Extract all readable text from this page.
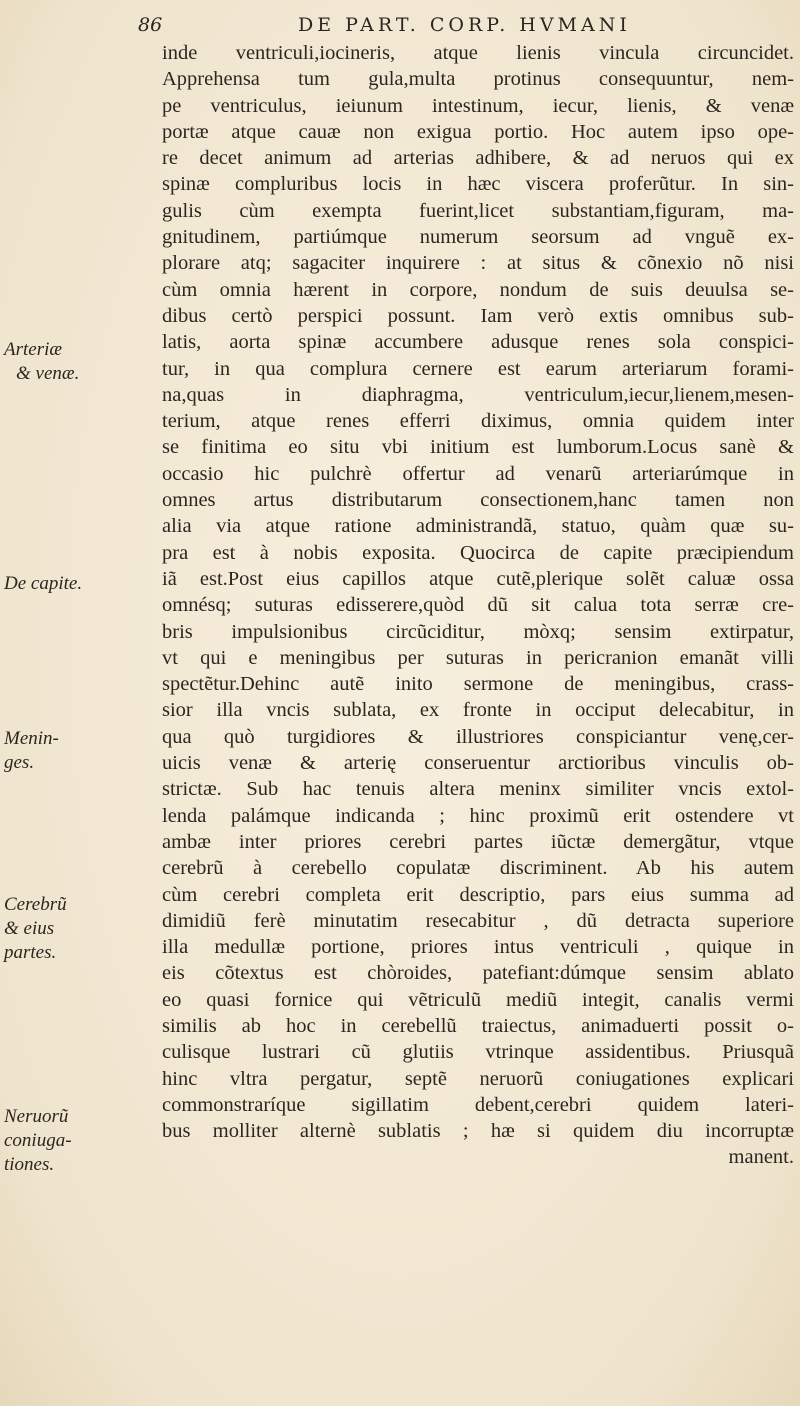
86	DE PART. CORP. HVMANI
Arteriæ
& venæ.
De capite.
Menin-
ges.
Cerebrũ
& eius
partes.
Neruorũ
coniuga-
tiones.
inde ventriculi,iocineris, atque lienis vincula circuncidet.
Apprehensa tum gula,multa protinus consequuntur, nem-
pe ventriculus, ieiunum intestinum, iecur, lienis, & venæ
portæ atque cauæ non exigua portio. Hoc autem ipso ope-
re decet animum ad arterias adhibere, & ad neruos qui ex
spinæ compluribus locis in hæc viscera proferũtur. In sin-
gulis cùm exempta fuerint,licet substantiam,figuram, ma-
gnitudinem, partiúmque numerum seorsum ad vnguẽ ex-
plorare atq; sagaciter inquirere : at situs & cõnexio nõ nisi
cùm omnia hærent in corpore, nondum de suis deuulsa se-
dibus certò perspici possunt. Iam verò extis omnibus sub-
latis, aorta spinæ accumbere adusque renes sola conspici-
tur, in qua complura cernere est earum arteriarum forami-
na,quas in diaphragma, ventriculum,iecur,lienem,mesen-
terium, atque renes efferri diximus, omnia quidem inter
se finitima eo situ vbi initium est lumborum.Locus sanè &
occasio hic pulchrè offertur ad venarũ arteriarúmque in
omnes artus distributarum consectionem,hanc tamen non
alia via atque ratione administrandã, statuo, quàm quæ su-
pra est à nobis exposita. Quocirca de capite præcipiendum
iã est.Post eius capillos atque cutẽ,plerique solẽt caluæ ossa
omnésq; suturas edisserere,quòd dũ sit calua tota serræ cre-
bris impulsionibus circũciditur, mòxq; sensim extirpatur,
vt qui e meningibus per suturas in pericranion emanãt villi
spectẽtur.Dehinc autẽ inito sermone de meningibus, crass-
sior illa vncis sublata, ex fronte in occiput delecabitur, in
qua quò turgidiores & illustriores conspiciantur venę,cer-
uicis venæ & arterię conseruentur arctioribus vinculis ob-
strictæ. Sub hac tenuis altera meninx similiter vncis extol-
lenda palámque indicanda ; hinc proximũ erit ostendere vt
ambæ inter priores cerebri partes iũctæ demergãtur, vtque
cerebrũ à cerebello copulatæ discriminent. Ab his autem
cùm cerebri completa erit descriptio, pars eius summa ad
dimidiũ ferè minutatim resecabitur , dũ detracta superiore
illa medullæ portione, priores intus ventriculi , quique in
eis cõtextus est chòroides, patefiant:dúmque sensim ablato
eo quasi fornice qui vẽtriculũ mediũ integit, canalis vermi
similis ab hoc in cerebellũ traiectus, animaduerti possit o-
culisque lustrari cũ glutiis vtrinque assidentibus. Priusquã
hinc vltra pergatur, septẽ neruorũ coniugationes explicari
commonstraríque sigillatim debent,cerebri quidem lateri-
bus molliter alternè sublatis ; hæ si quidem diu incorruptæ
manent.
